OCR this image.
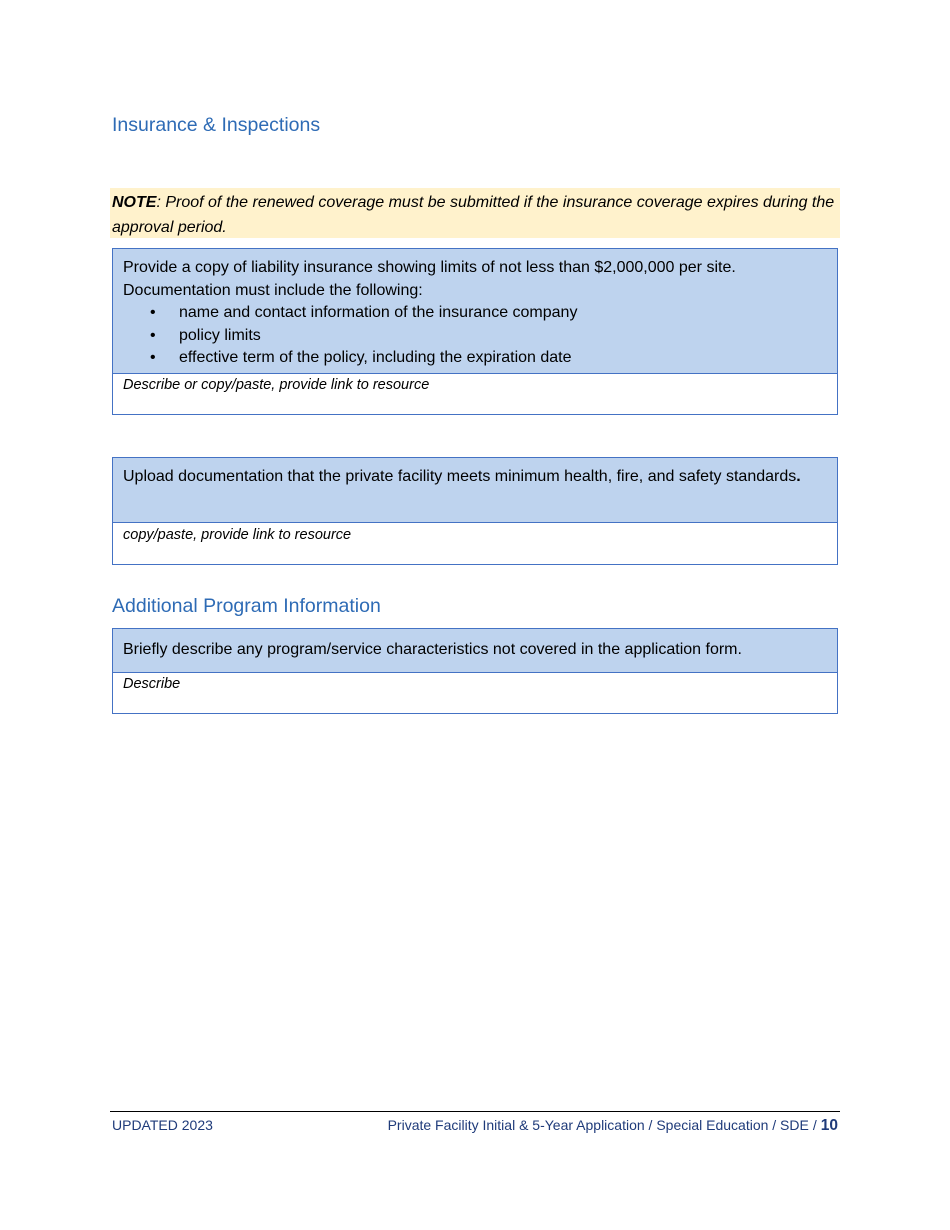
Insurance & Inspections
NOTE: Proof of the renewed coverage must be submitted if the insurance coverage expires during the approval period.
Provide a copy of liability insurance showing limits of not less than $2,000,000 per site.
Documentation must include the following:
• name and contact information of the insurance company
• policy limits
• effective term of the policy, including the expiration date
Describe or copy/paste, provide link to resource
Upload documentation that the private facility meets minimum health, fire, and safety standards.
copy/paste, provide link to resource
Additional Program Information
Briefly describe any program/service characteristics not covered in the application form.
Describe
UPDATED 2023	Private Facility Initial & 5-Year Application / Special Education / SDE / 10
